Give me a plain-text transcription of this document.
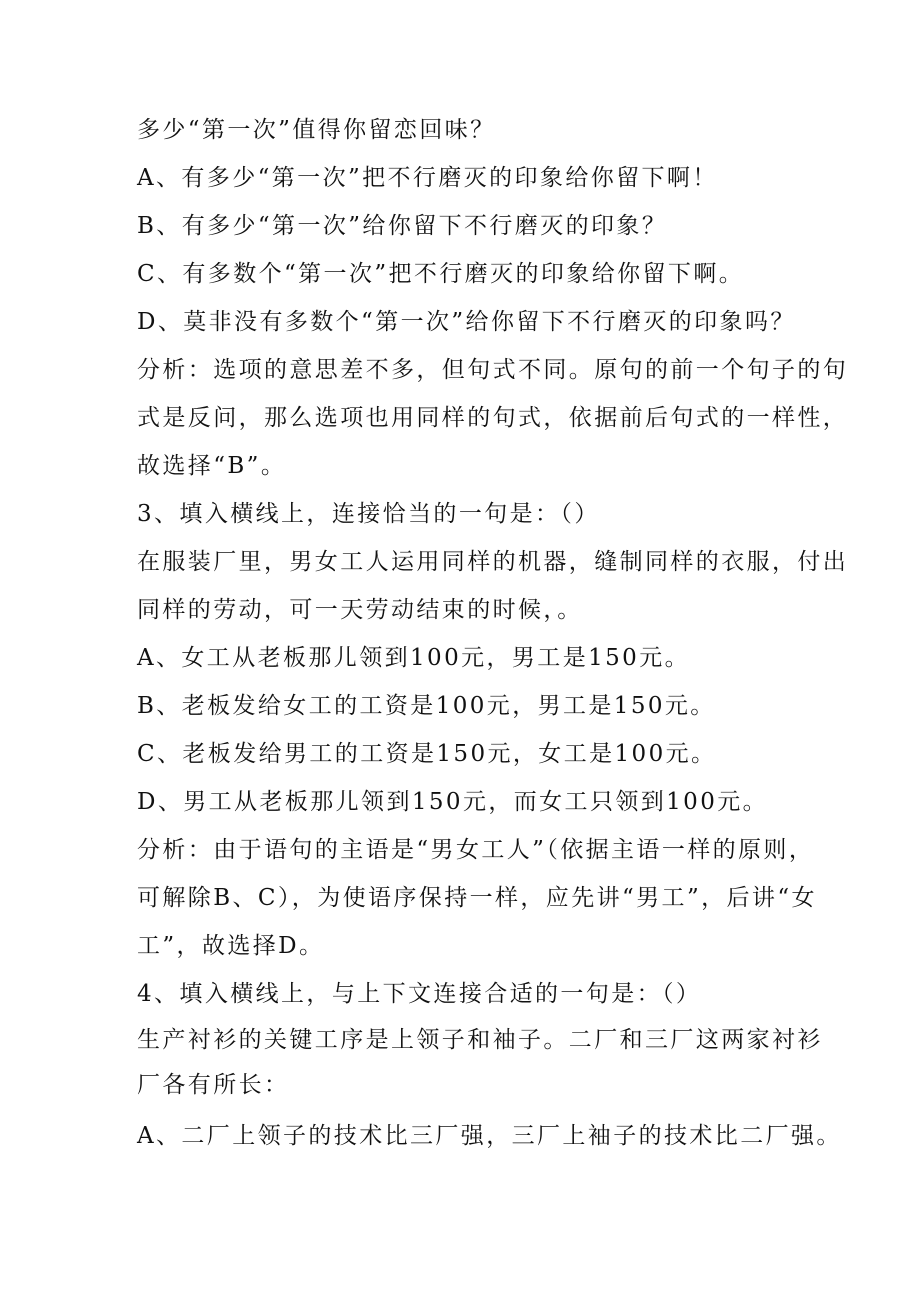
多少“第一次”值得你留恋回味？
A、有多少“第一次”把不行磨灭的印象给你留下啊！
B、有多少“第一次”给你留下不行磨灭的印象？
C、有多数个“第一次”把不行磨灭的印象给你留下啊。
D、莫非没有多数个“第一次”给你留下不行磨灭的印象吗？
分析：选项的意思差不多，但句式不同。原句的前一个句子的句
式是反问，那么选项也用同样的句式，依据前后句式的一样性，
故选择“B”。
3、填入横线上，连接恰当的一句是：（）
在服装厂里，男女工人运用同样的机器，缝制同样的衣服，付出
同样的劳动，可一天劳动结束的时候，。
A、女工从老板那儿领到100元，男工是150元。
B、老板发给女工的工资是100元，男工是150元。
C、老板发给男工的工资是150元，女工是100元。
D、男工从老板那儿领到150元，而女工只领到100元。
分析：由于语句的主语是“男女工人”（依据主语一样的原则，
可解除B、C），为使语序保持一样，应先讲“男工”，后讲“女
工”，故选择D。
4、填入横线上，与上下文连接合适的一句是：（）
生产衬衫的关键工序是上领子和袖子。二厂和三厂这两家衬衫
厂各有所长：
A、二厂上领子的技术比三厂强，三厂上袖子的技术比二厂强。
